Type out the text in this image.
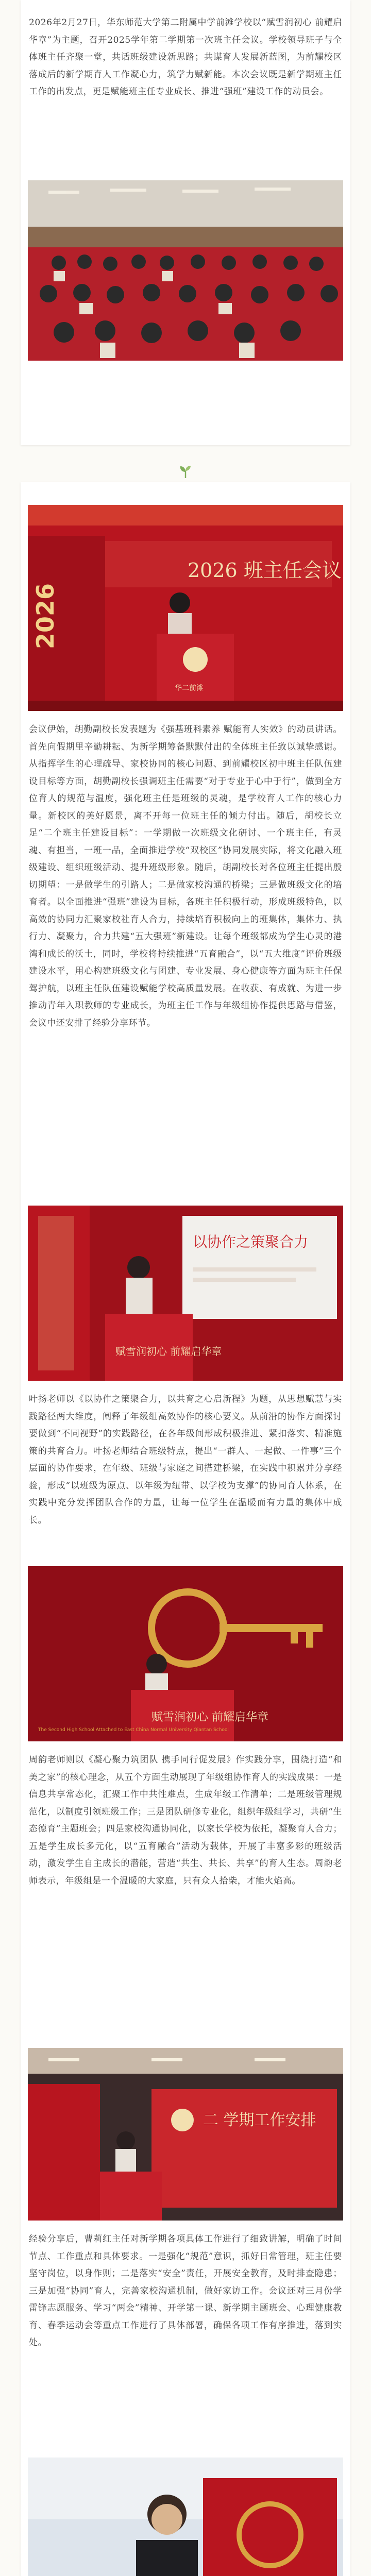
2026年2月27日，华东师范大学第二附属中学前滩学校以“赋雪润初心 前耀启华章”为主题，召开2025学年第二学期第一次班主任会议。学校领导班子与全体班主任齐聚一堂，共话班级建设新思路；共谋育人发展新蓝图，为前耀校区落成后的新学期育人工作凝心力，筑学力赋新能。本次会议既是新学期班主任工作的出发点，更是赋能班主任专业成长、推进“强班”建设工作的动员会。

2026
2026 班主任会议
华二前滩

会议伊始，胡勤副校长发表题为《强基班科素养 赋能育人实效》的动员讲话。首先向假期里辛勤耕耘、为新学期筹备默默付出的全体班主任致以诚挚感谢。从指挥学生的心理疏导、家校协同的核心问题、到前耀校区初中班主任队伍建设目标等方面，胡勤副校长强调班主任需要“对于专业于心中于行”，做到全方位育人的规范与温度，强化班主任是班级的灵魂，是学校育人工作的核心力量。新校区的美好愿景，离不开每一位班主任的倾力付出。随后，胡校长立足“二个班主任建设目标”：一学期做一次班级文化研讨、一个班主任，有灵魂、有担当，一班一品，全面推进学校“双校区”协同发展实际，将文化融入班级建设、组织班级活动、提升班级形象。随后，胡副校长对各位班主任提出殷切期望：一是做学生的引路人；二是做家校沟通的桥梁；三是做班级文化的培育者。以全面推进“强班”建设为目标，各班主任积极行动，形成班级特色，以高效的协同力汇聚家校社育人合力，持续培育积极向上的班集体，集体力、执行力、凝聚力，合力共建“五大强班”新建设。让每个班级都成为学生心灵的港湾和成长的沃土，同时，学校将持续推进“五育融合”，以“五大维度”评价班级建设水平，用心构建班级文化与团建、专业发展、身心健康等方面为班主任保驾护航，以班主任队伍建设赋能学校高质量发展。在收获、有成就、为进一步推动青年入职教师的专业成长，为班主任工作与年级组协作提供思路与借鉴，会议中还安排了经验分享环节。

以协作之策聚合力
赋雪润初心 前耀启华章

叶扬老师以《以协作之策聚合力，以共育之心启新程》为题，从思想赋慧与实践路径两大维度，阐释了年级组高效协作的核心要义。从前沿的协作方面探讨要做到“不同视野”的实践路径，在各年级间形成积极推进、紧扣落实、精准施策的共育合力。叶扬老师结合班级特点，提出“一群人、一起做、一件事”三个层面的协作要求，在年级、班级与家庭之间搭建桥梁，在实践中积累并分享经验，形成“以班级为原点、以年级为纽带、以学校为支撑”的协同育人体系，在实践中充分发挥团队合作的力量，让每一位学生在温暖而有力量的集体中成长。

赋雪润初心 前耀启华章
The Second High School Attached to East China Normal University Qiantan School

周韵老师则以《凝心聚力筑团队 携手同行促发展》作实践分享，围绕打造“和美之家”的核心理念，从五个方面生动展现了年级组协作育人的实践成果：一是信息共享常态化，汇聚工作中共性难点，生成年级工作清单；二是班级管理规范化，以制度引领班级工作；三是团队研修专业化，组织年级组学习，共研“生态德育”主题班会；四是家校沟通协同化，以家长学校为依托，凝聚育人合力；五是学生成长多元化，以“五育融合”活动为载体，开展了丰富多彩的班级活动，激发学生自主成长的潜能，营造“共生、共长、共享”的育人生态。周韵老师表示，年级组是一个温暖的大家庭，只有众人拾柴，才能火焰高。

二 学期工作安排

经验分享后，曹莉红主任对新学期各项具体工作进行了细致讲解，明确了时间节点、工作重点和具体要求。一是强化“规范”意识，抓好日常管理，班主任要坚守岗位，以身作则；二是落实“安全”责任，开展安全教育，及时排查隐患；三是加强“协同”育人，完善家校沟通机制，做好家访工作。会议还对三月份学雷锋志愿服务、学习“两会”精神、开学第一课、新学期主题班会、心理健康教育、春季运动会等重点工作进行了具体部署，确保各项工作有序推进，落到实处。
